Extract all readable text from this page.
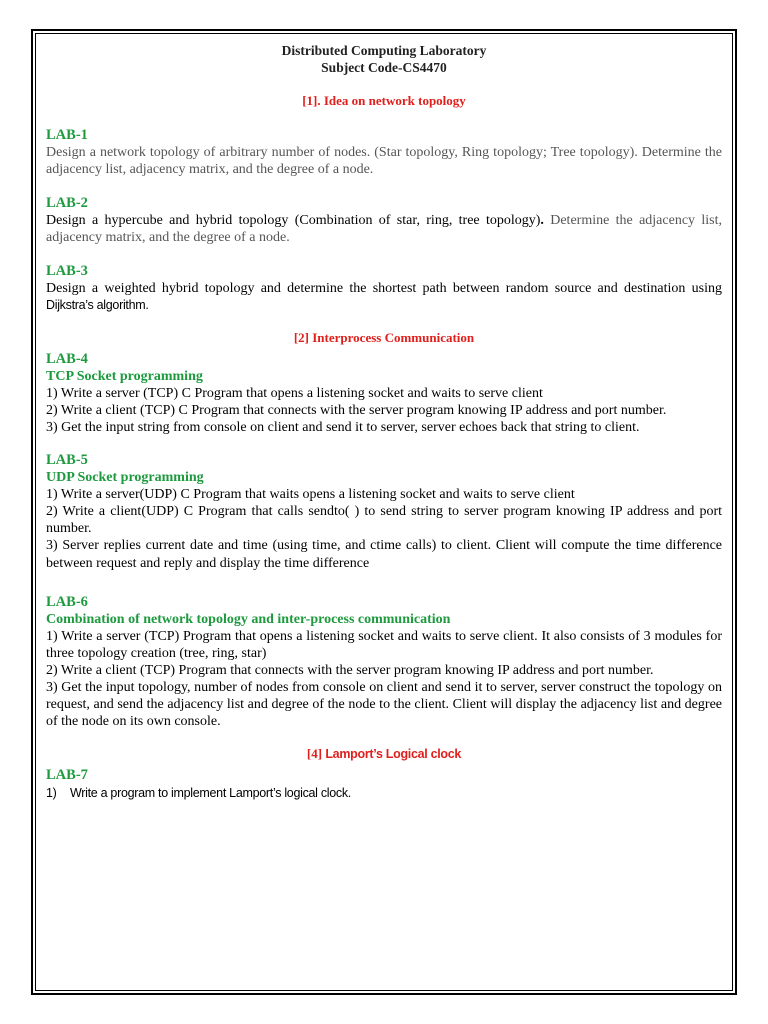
Distributed Computing Laboratory
Subject Code-CS4470
[1]. Idea on network topology
LAB-1
Design a network topology of arbitrary number of nodes. (Star topology, Ring topology; Tree topology). Determine the adjacency list, adjacency matrix, and the degree of a node.
LAB-2
Design a hypercube and hybrid topology (Combination of star, ring, tree topology). Determine the adjacency list, adjacency matrix, and the degree of a node.
LAB-3
Design a weighted hybrid topology and determine the shortest path between random source and destination using Dijkstra’s algorithm.
[2] Interprocess Communication
LAB-4
TCP Socket programming
1) Write a server (TCP) C Program that opens a listening socket and waits to serve client
2) Write a client (TCP) C Program that connects with the server program knowing IP address and port number.
3) Get the input string from console on client and send it to server, server echoes back that string to client.
LAB-5
UDP Socket programming
1) Write a server(UDP) C Program that waits opens a listening socket and waits to serve client
2) Write a client(UDP) C Program that calls sendto( ) to send string to server program knowing IP address and port number.
3) Server replies current date and time (using time, and ctime calls) to client. Client will compute the time difference between request and reply and display the time difference
LAB-6
Combination of network topology and inter-process communication
1) Write a server (TCP) Program that opens a listening socket and waits to serve client. It also consists of 3 modules for three topology creation (tree, ring, star)
2) Write a client (TCP) Program that connects with the server program knowing IP address and port number.
3) Get the input topology, number of nodes from console on client and send it to server, server construct the topology on request, and send the adjacency list and degree of the node to the client. Client will display the adjacency list and degree of the node on its own console.
[4] Lamport’s Logical clock
LAB-7
1) Write a program to implement Lamport’s logical clock.
